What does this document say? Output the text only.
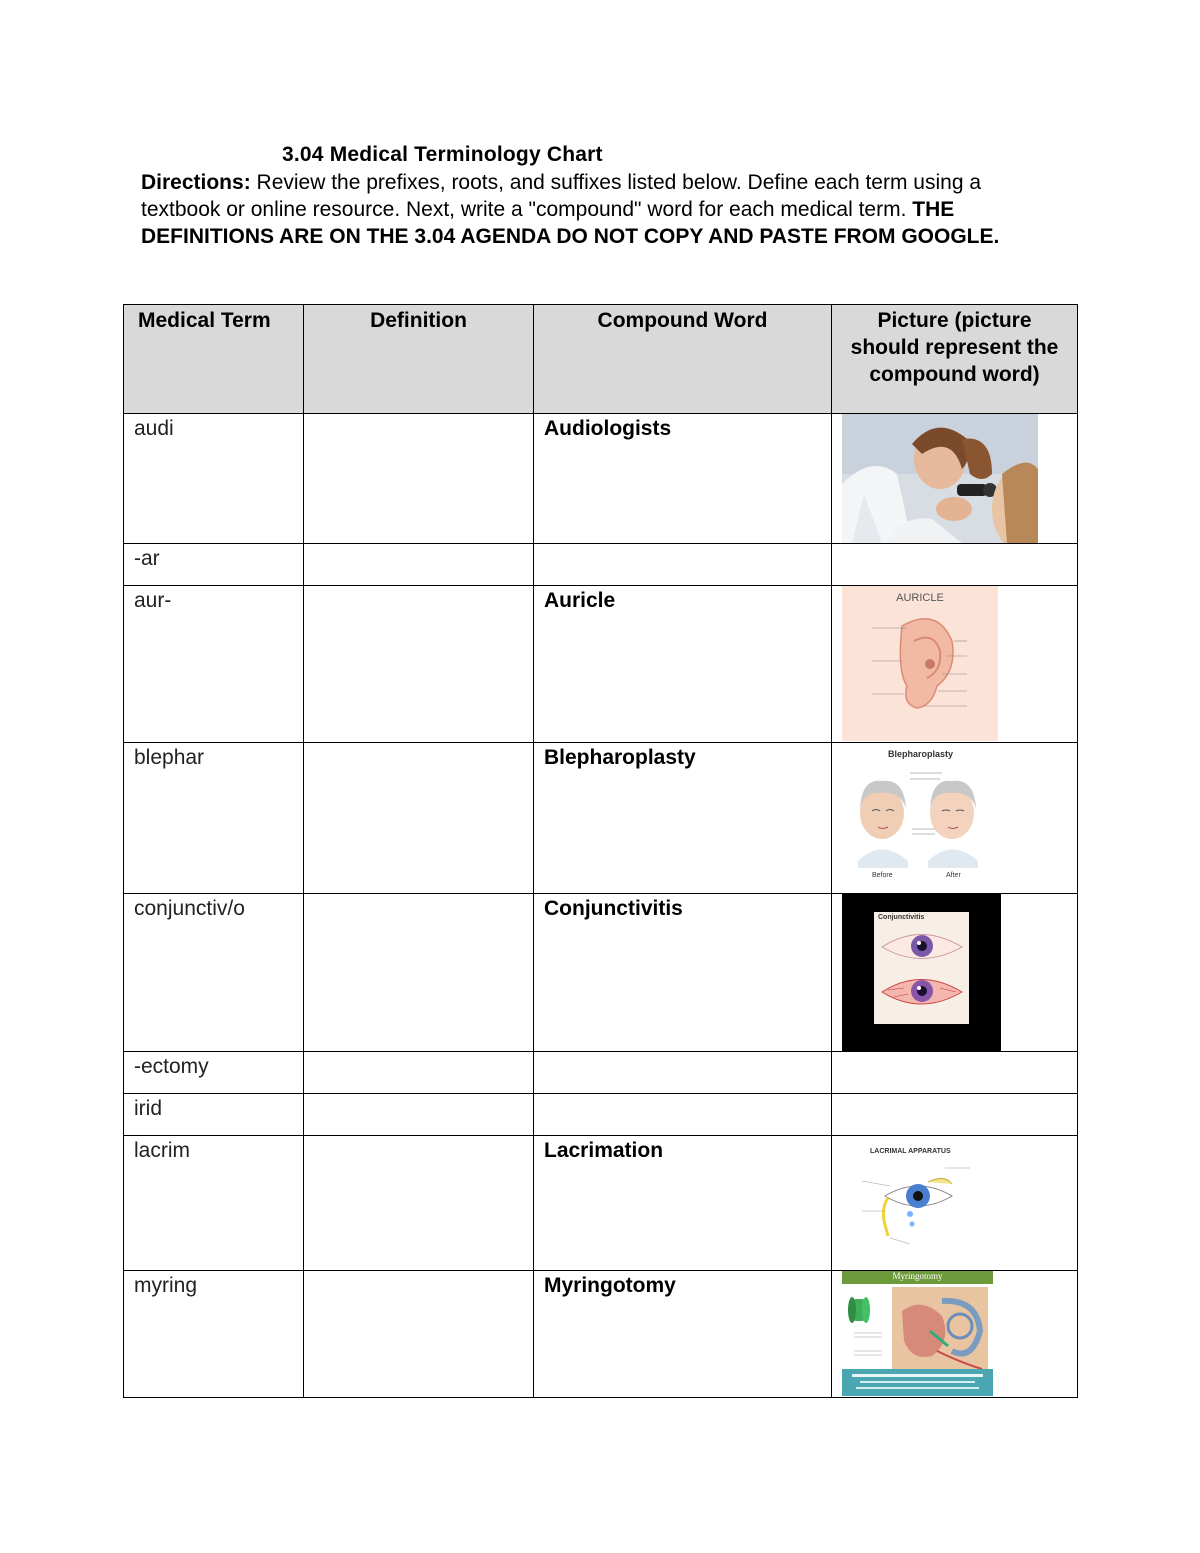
3.04 Medical Terminology Chart
Directions: Review the prefixes, roots, and suffixes listed below. Define each term using a textbook or online resource. Next, write a "compound" word for each medical term. THE DEFINITIONS ARE ON THE 3.04 AGENDA DO NOT COPY AND PASTE FROM GOOGLE.
Medical Term	Definition	Compound Word	Picture (picture should represent the compound word)

audi		Audiologists

-ar			

aur-		Auricle	AURICLE

blephar		Blepharoplasty	Blepharoplasty
Before After

conjunctiv/o		Conjunctivitis	Conjunctivitis

-ectomy			

irid			

lacrim		Lacrimation	LACRIMAL APPARATUS

myring		Myringotomy	Myringotomy
